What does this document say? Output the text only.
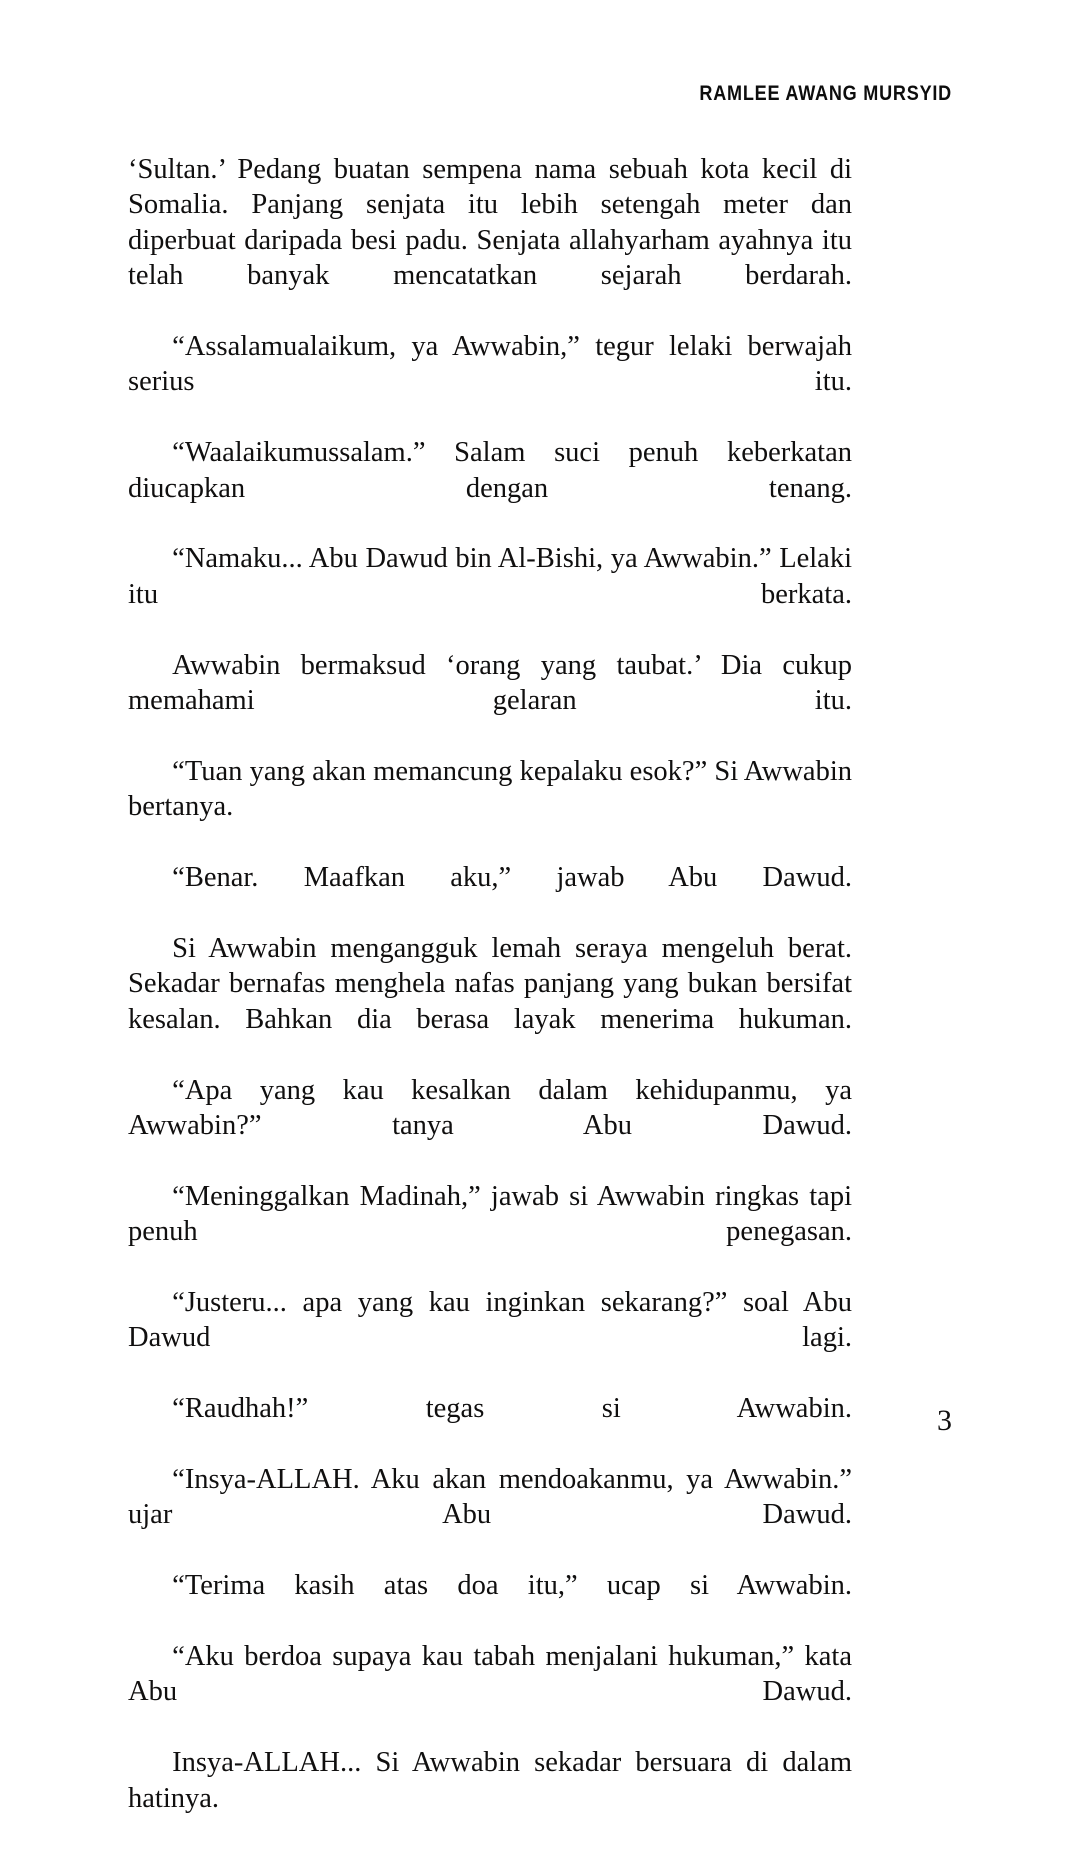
RAMLEE AWANG MURSYID

‘Sultan.’ Pedang buatan sempena nama sebuah kota kecil di Somalia. Panjang senjata itu lebih setengah meter dan diperbuat daripada besi padu. Senjata allahyarham ayahnya itu telah banyak mencatatkan sejarah berdarah.

“Assalamualaikum, ya Awwabin,” tegur lelaki berwajah serius itu.

“Waalaikumussalam.” Salam suci penuh keberkatan diucapkan dengan tenang.

“Namaku... Abu Dawud bin Al-Bishi, ya Awwabin.” Lelaki itu berkata.

Awwabin bermaksud ‘orang yang taubat.’ Dia cukup memahami gelaran itu.

“Tuan yang akan memancung kepalaku esok?” Si Awwabin bertanya.

“Benar. Maafkan aku,” jawab Abu Dawud.

Si Awwabin mengangguk lemah seraya mengeluh berat. Sekadar bernafas menghela nafas panjang yang bukan bersifat kesalan. Bahkan dia berasa layak menerima hukuman.

“Apa yang kau kesalkan dalam kehidupanmu, ya Awwabin?” tanya Abu Dawud.

“Meninggalkan Madinah,” jawab si Awwabin ringkas tapi penuh penegasan.

“Justeru... apa yang kau inginkan sekarang?” soal Abu Dawud lagi.

“Raudhah!” tegas si Awwabin.

“Insya-ALLAH. Aku akan mendoakanmu, ya Awwabin.” ujar Abu Dawud.

“Terima kasih atas doa itu,” ucap si Awwabin.

“Aku berdoa supaya kau tabah menjalani hukuman,” kata Abu Dawud.

Insya-ALLAH... Si Awwabin sekadar bersuara di dalam hatinya.

3
